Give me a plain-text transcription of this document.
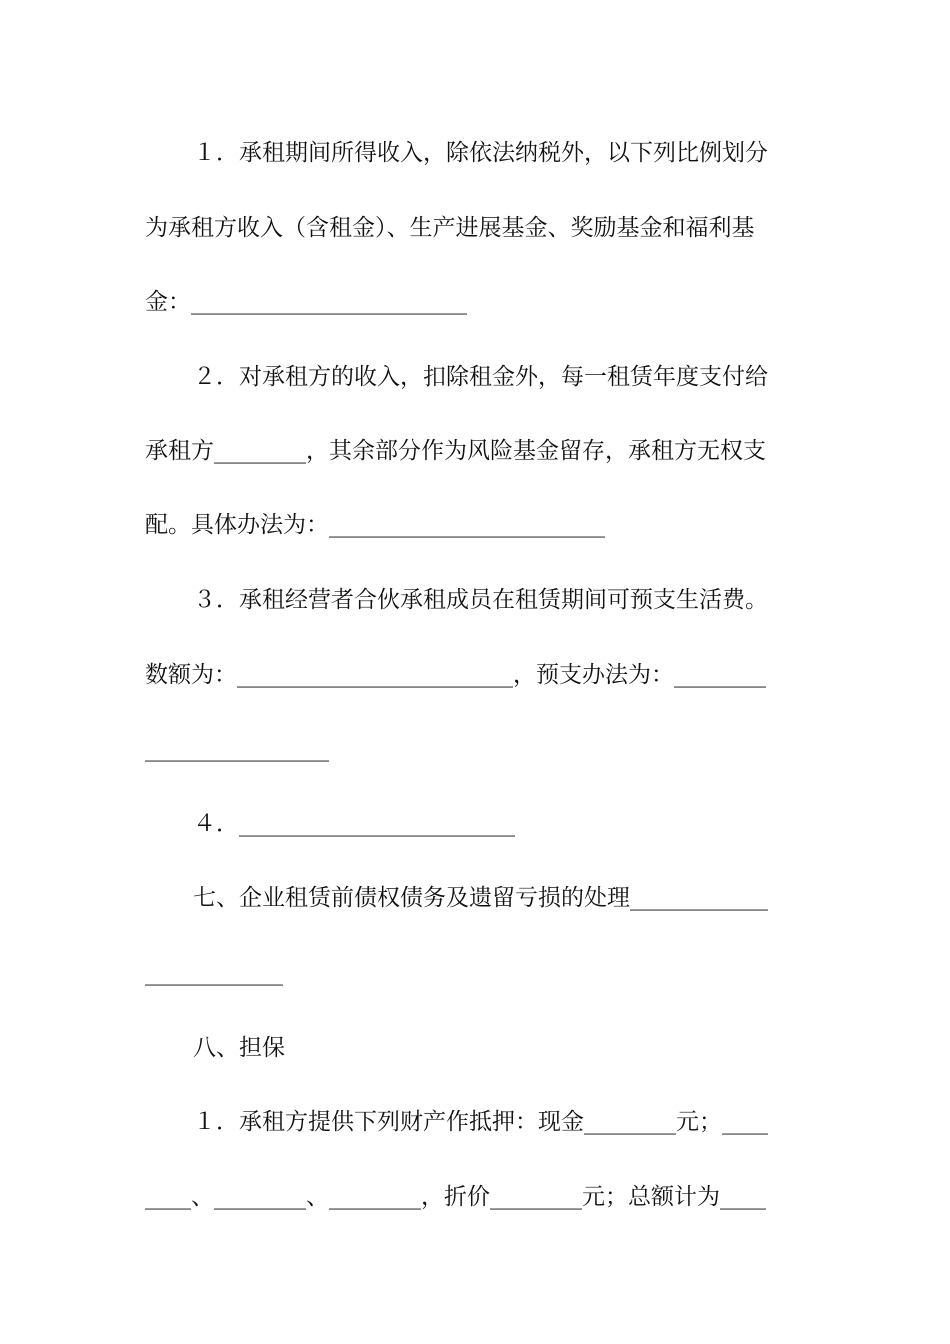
１．承租期间所得收入，除依法纳税外，以下列比例划分
为承租方收入（含租金）、生产进展基金、奖励基金和福利基
金：________________________
２．对承租方的收入，扣除租金外，每一租赁年度支付给
承租方________，其余部分作为风险基金留存，承租方无权支
配。具体办法为：________________________
３．承租经营者合伙承租成员在租赁期间可预支生活费。
数额为：________________________，预支办法为：________
________________
４．________________________
七、企业租赁前债权债务及遗留亏损的处理____________
____________
八、担保
１．承租方提供下列财产作抵押：现金________元；____
____、________、________，折价________元；总额计为____
